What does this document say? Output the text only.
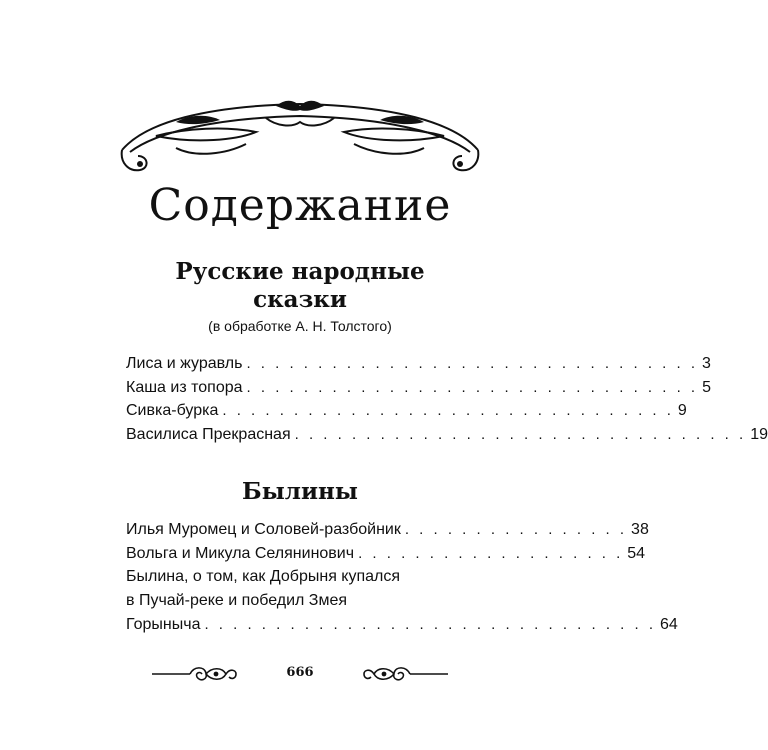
Содержание
Русские народные
сказки
(в обработке А. Н. Толстого)
Лиса и журавль . . . . . . . . . . . . . . . . . . . . . . . . . . . . . . . . 3
Каша из топора . . . . . . . . . . . . . . . . . . . . . . . . . . . . . . . . 5
Сивка-бурка . . . . . . . . . . . . . . . . . . . . . . . . . . . . . . . . 9
Василиса Прекрасная . . . . . . . . . . . . . . . . . . . . . . . . . . . . . . . . 19
Былины
Илья Муромец и Соловей-разбойник . . . . . . . . . . . . . . . . 38
Вольга и Микула Селянинович . . . . . . . . . . . . . . . . . . . 54
Былина, о том, как Добрыня купался
в Пучай-реке и победил Змея
Горыныча . . . . . . . . . . . . . . . . . . . . . . . . . . . . . . . . 64
666
